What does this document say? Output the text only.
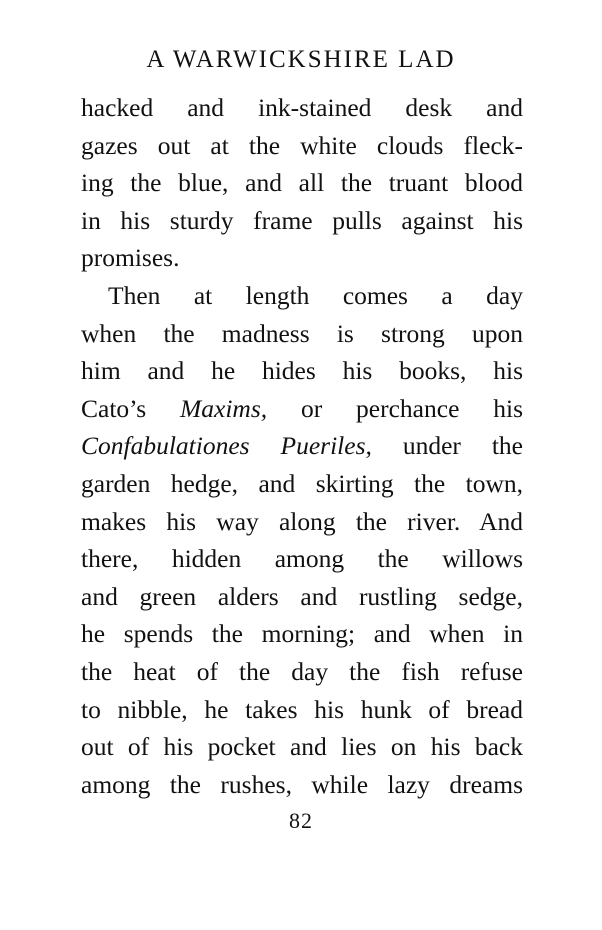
A WARWICKSHIRE LAD
hacked and ink-stained desk and
gazes out at the white clouds fleck-
ing the blue, and all the truant blood
in his sturdy frame pulls against his
promises.
Then at length comes a day
when the madness is strong upon
him and he hides his books, his
Cato’s Maxims, or perchance his
Confabulationes Pueriles, under the
garden hedge, and skirting the town,
makes his way along the river. And
there, hidden among the willows
and green alders and rustling sedge,
he spends the morning; and when in
the heat of the day the fish refuse
to nibble, he takes his hunk of bread
out of his pocket and lies on his back
among the rushes, while lazy dreams
82
